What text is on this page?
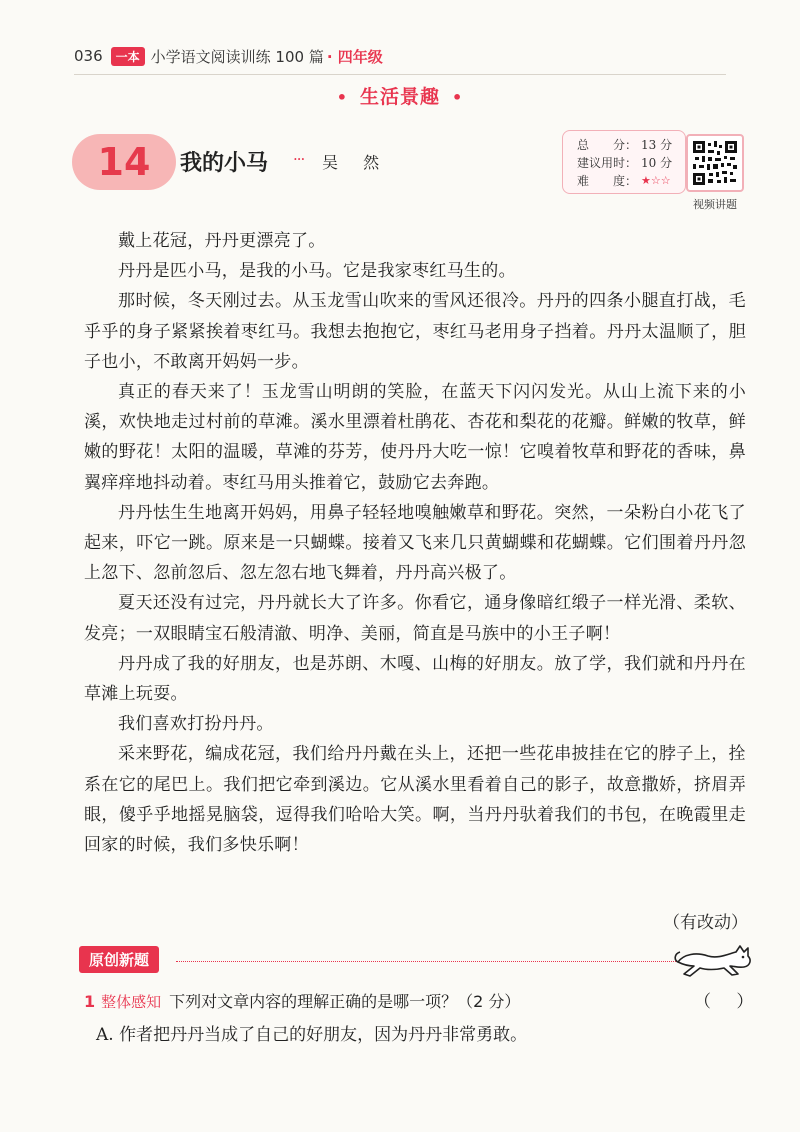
036	一本 小学语文阅读训练 100 篇 · 四年级
• 生活景趣 •
14	我的小马 ··· 吴 然
总　　分： 13 分
建议用时： 10 分
难　　度： ★☆☆
视频讲题

戴上花冠，丹丹更漂亮了。

丹丹是匹小马，是我的小马。它是我家枣红马生的。

那时候，冬天刚过去。从玉龙雪山吹来的雪风还很冷。丹丹的四条小腿直打战，毛乎乎的身子紧紧挨着枣红马。我想去抱抱它，枣红马老用身子挡着。丹丹太温顺了，胆子也小，不敢离开妈妈一步。

真正的春天来了！玉龙雪山明朗的笑脸，在蓝天下闪闪发光。从山上流下来的小溪，欢快地走过村前的草滩。溪水里漂着杜鹃花、杏花和梨花的花瓣。鲜嫩的牧草，鲜嫩的野花！太阳的温暖，草滩的芬芳，使丹丹大吃一惊！它嗅着牧草和野花的香味，鼻翼痒痒地抖动着。枣红马用头推着它，鼓励它去奔跑。

丹丹怯生生地离开妈妈，用鼻子轻轻地嗅触嫩草和野花。突然，一朵粉白小花飞了起来，吓它一跳。原来是一只蝴蝶。接着又飞来几只黄蝴蝶和花蝴蝶。它们围着丹丹忽上忽下、忽前忽后、忽左忽右地飞舞着，丹丹高兴极了。

夏天还没有过完，丹丹就长大了许多。你看它，通身像暗红缎子一样光滑、柔软、发亮；一双眼睛宝石般清澈、明净、美丽，简直是马族中的小王子啊！

丹丹成了我的好朋友，也是苏朗、木嘎、山梅的好朋友。放了学，我们就和丹丹在草滩上玩耍。

我们喜欢打扮丹丹。

采来野花，编成花冠，我们给丹丹戴在头上，还把一些花串披挂在它的脖子上，拴系在它的尾巴上。我们把它牵到溪边。它从溪水里看着自己的影子，故意撒娇，挤眉弄眼，傻乎乎地摇晃脑袋，逗得我们哈哈大笑。啊，当丹丹驮着我们的书包，在晚霞里走回家的时候，我们多快乐啊！

（有改动）
原创新题
1 整体感知 下列对文章内容的理解正确的是哪一项？（2 分）	（ ）
A. 作者把丹丹当成了自己的好朋友，因为丹丹非常勇敢。
